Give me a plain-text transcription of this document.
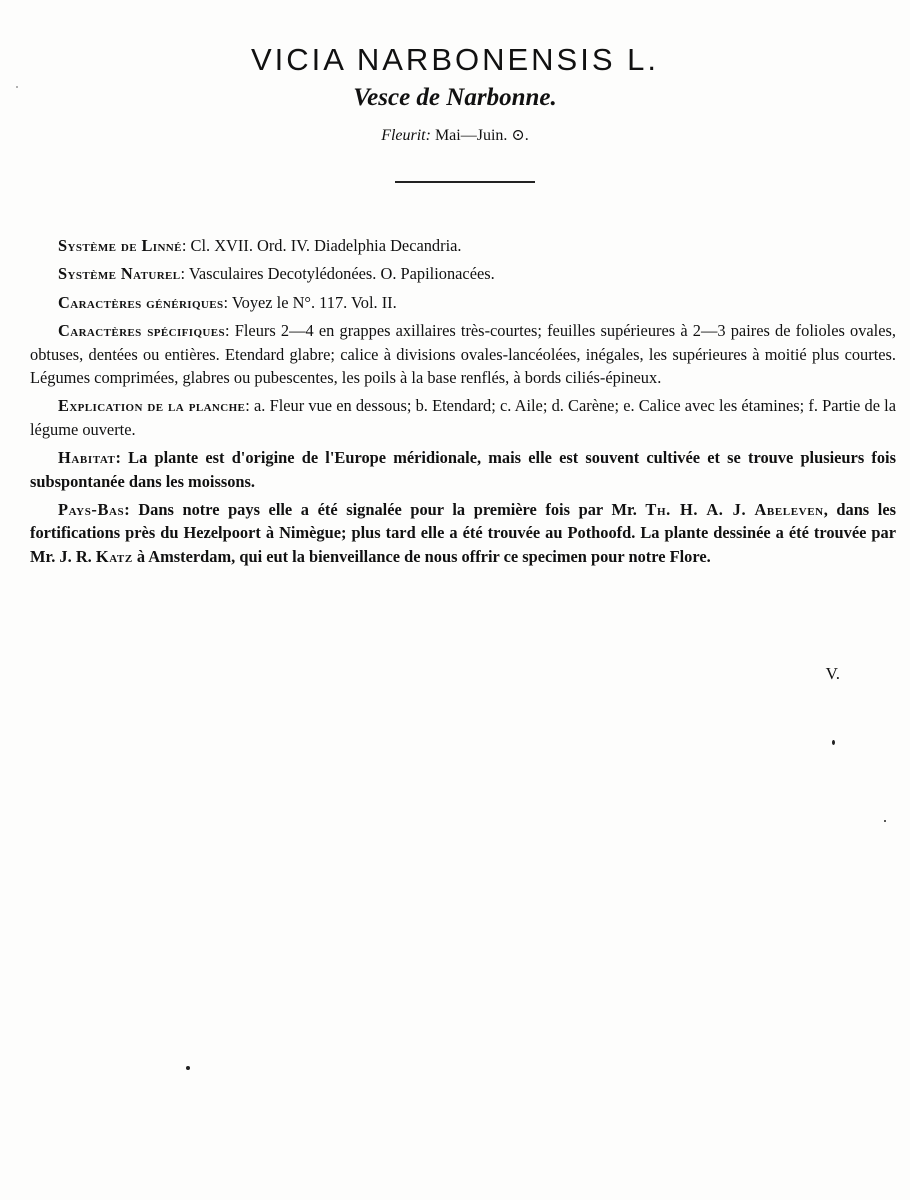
VICIA NARBONENSIS L.
Vesce de Narbonne.
Fleurit: Mai—Juin. ⊙.

Système de Linné: Cl. XVII. Ord. IV. Diadelphia Decandria.

Système Naturel: Vasculaires Decotylédonées. O. Papilionacées.

Caractères génériques: Voyez le N°. 117. Vol. II.

Caractères spécifiques: Fleurs 2—4 en grappes axillaires très-courtes; feuilles supérieures à 2—3 paires de folioles ovales, obtuses, dentées ou entières. Etendard glabre; calice à divisions ovales-lancéolées, inégales, les supérieures à moitié plus courtes. Légumes comprimées, glabres ou pubescentes, les poils à la base renflés, à bords ciliés-épineux.

Explication de la planche: a. Fleur vue en dessous; b. Etendard; c. Aile; d. Carène; e. Calice avec les étamines; f. Partie de la légume ouverte.

Habitat: La plante est d'origine de l'Europe méridionale, mais elle est souvent cultivée et se trouve plusieurs fois subspontanée dans les moissons.

Pays-Bas: Dans notre pays elle a été signalée pour la première fois par Mr. Th. H. A. J. Abeleven, dans les fortifications près du Hezelpoort à Nimègue; plus tard elle a été trouvée au Pothoofd. La plante dessinée a été trouvée par Mr. J. R. Katz à Amsterdam, qui eut la bienveillance de nous offrir ce specimen pour notre Flore.

V.
